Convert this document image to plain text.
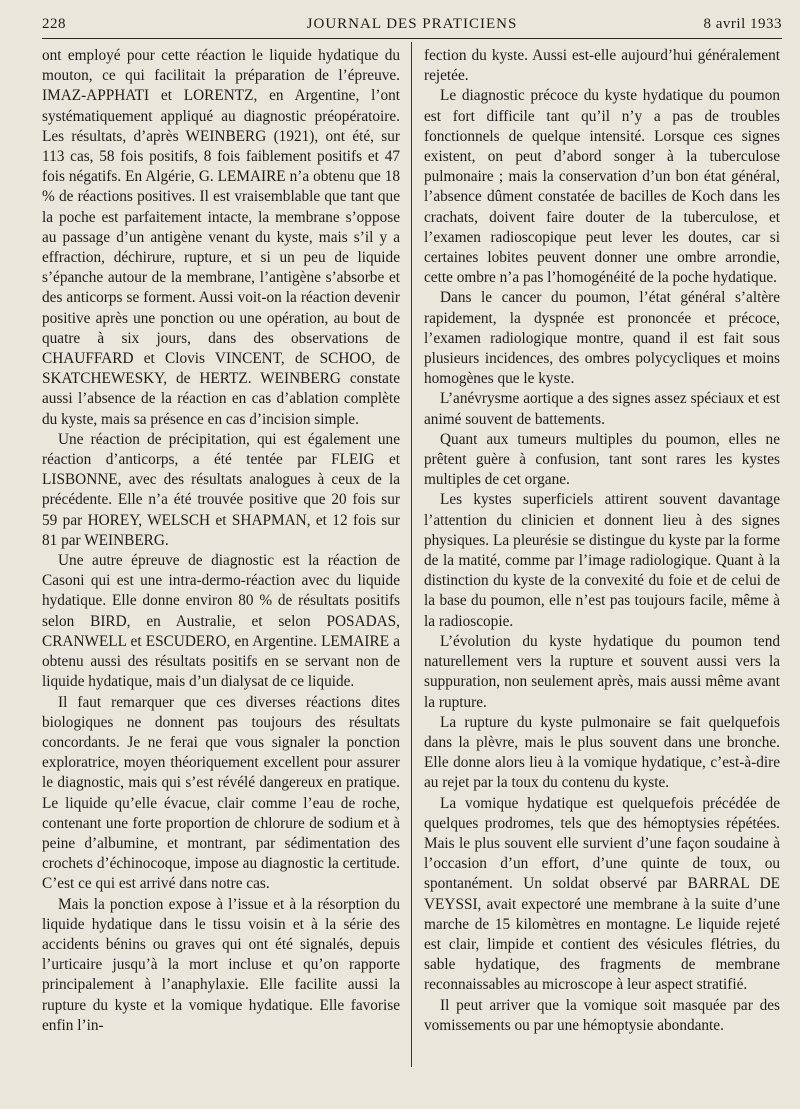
228	JOURNAL DES PRATICIENS	8 avril 1933

ont employé pour cette réaction le liquide hydatique du mouton, ce qui facilitait la préparation de l’épreuve. IMAZ-APPHATI et LORENTZ, en Argentine, l’ont systématiquement appliqué au diagnostic préopératoire. Les résultats, d’après WEINBERG (1921), ont été, sur 113 cas, 58 fois positifs, 8 fois faiblement positifs et 47 fois négatifs. En Algérie, G. LEMAIRE n’a obtenu que 18 % de réactions positives. Il est vraisemblable que tant que la poche est parfaitement intacte, la membrane s’oppose au passage d’un antigène venant du kyste, mais s’il y a effraction, déchirure, rupture, et si un peu de liquide s’épanche autour de la membrane, l’antigène s’absorbe et des anticorps se forment. Aussi voit-on la réaction devenir positive après une ponction ou une opération, au bout de quatre à six jours, dans des observations de CHAUFFARD et Clovis VINCENT, de SCHOO, de SKATCHEWESKY, de HERTZ. WEINBERG constate aussi l’absence de la réaction en cas d’ablation complète du kyste, mais sa présence en cas d’incision simple.

Une réaction de précipitation, qui est également une réaction d’anticorps, a été tentée par FLEIG et LISBONNE, avec des résultats analogues à ceux de la précédente. Elle n’a été trouvée positive que 20 fois sur 59 par HOREY, WELSCH et SHAPMAN, et 12 fois sur 81 par WEINBERG.

Une autre épreuve de diagnostic est la réaction de Casoni qui est une intra-dermo-réaction avec du liquide hydatique. Elle donne environ 80 % de résultats positifs selon BIRD, en Australie, et selon POSADAS, CRANWELL et ESCUDERO, en Argentine. LEMAIRE a obtenu aussi des résultats positifs en se servant non de liquide hydatique, mais d’un dialysat de ce liquide.

Il faut remarquer que ces diverses réactions dites biologiques ne donnent pas toujours des résultats concordants. Je ne ferai que vous signaler la ponction exploratrice, moyen théoriquement excellent pour assurer le diagnostic, mais qui s’est révélé dangereux en pratique. Le liquide qu’elle évacue, clair comme l’eau de roche, contenant une forte proportion de chlorure de sodium et à peine d’albumine, et montrant, par sédimentation des crochets d’échinocoque, impose au diagnostic la certitude. C’est ce qui est arrivé dans notre cas.

Mais la ponction expose à l’issue et à la résorption du liquide hydatique dans le tissu voisin et à la série des accidents bénins ou graves qui ont été signalés, depuis l’urticaire jusqu’à la mort incluse et qu’on rapporte principalement à l’anaphylaxie. Elle facilite aussi la rupture du kyste et la vomique hydatique. Elle favorise enfin l’in-

fection du kyste. Aussi est-elle aujourd’hui généralement rejetée.

Le diagnostic précoce du kyste hydatique du poumon est fort difficile tant qu’il n’y a pas de troubles fonctionnels de quelque intensité. Lorsque ces signes existent, on peut d’abord songer à la tuberculose pulmonaire ; mais la conservation d’un bon état général, l’absence dûment constatée de bacilles de Koch dans les crachats, doivent faire douter de la tuberculose, et l’examen radioscopique peut lever les doutes, car si certaines lobites peuvent donner une ombre arrondie, cette ombre n’a pas l’homogénéité de la poche hydatique.

Dans le cancer du poumon, l’état général s’altère rapidement, la dyspnée est prononcée et précoce, l’examen radiologique montre, quand il est fait sous plusieurs incidences, des ombres polycycliques et moins homogènes que le kyste.

L’anévrysme aortique a des signes assez spéciaux et est animé souvent de battements.

Quant aux tumeurs multiples du poumon, elles ne prêtent guère à confusion, tant sont rares les kystes multiples de cet organe.

Les kystes superficiels attirent souvent davantage l’attention du clinicien et donnent lieu à des signes physiques. La pleurésie se distingue du kyste par la forme de la matité, comme par l’image radiologique. Quant à la distinction du kyste de la convexité du foie et de celui de la base du poumon, elle n’est pas toujours facile, même à la radioscopie.

L’évolution du kyste hydatique du poumon tend naturellement vers la rupture et souvent aussi vers la suppuration, non seulement après, mais aussi même avant la rupture.

La rupture du kyste pulmonaire se fait quelquefois dans la plèvre, mais le plus souvent dans une bronche. Elle donne alors lieu à la vomique hydatique, c’est-à-dire au rejet par la toux du contenu du kyste.

La vomique hydatique est quelquefois précédée de quelques prodromes, tels que des hémoptysies répétées. Mais le plus souvent elle survient d’une façon soudaine à l’occasion d’un effort, d’une quinte de toux, ou spontanément. Un soldat observé par BARRAL DE VEYSSI, avait expectoré une membrane à la suite d’une marche de 15 kilomètres en montagne. Le liquide rejeté est clair, limpide et contient des vésicules flétries, du sable hydatique, des fragments de membrane reconnaissables au microscope à leur aspect stratifié.

Il peut arriver que la vomique soit masquée par des vomissements ou par une hémoptysie abondante.
